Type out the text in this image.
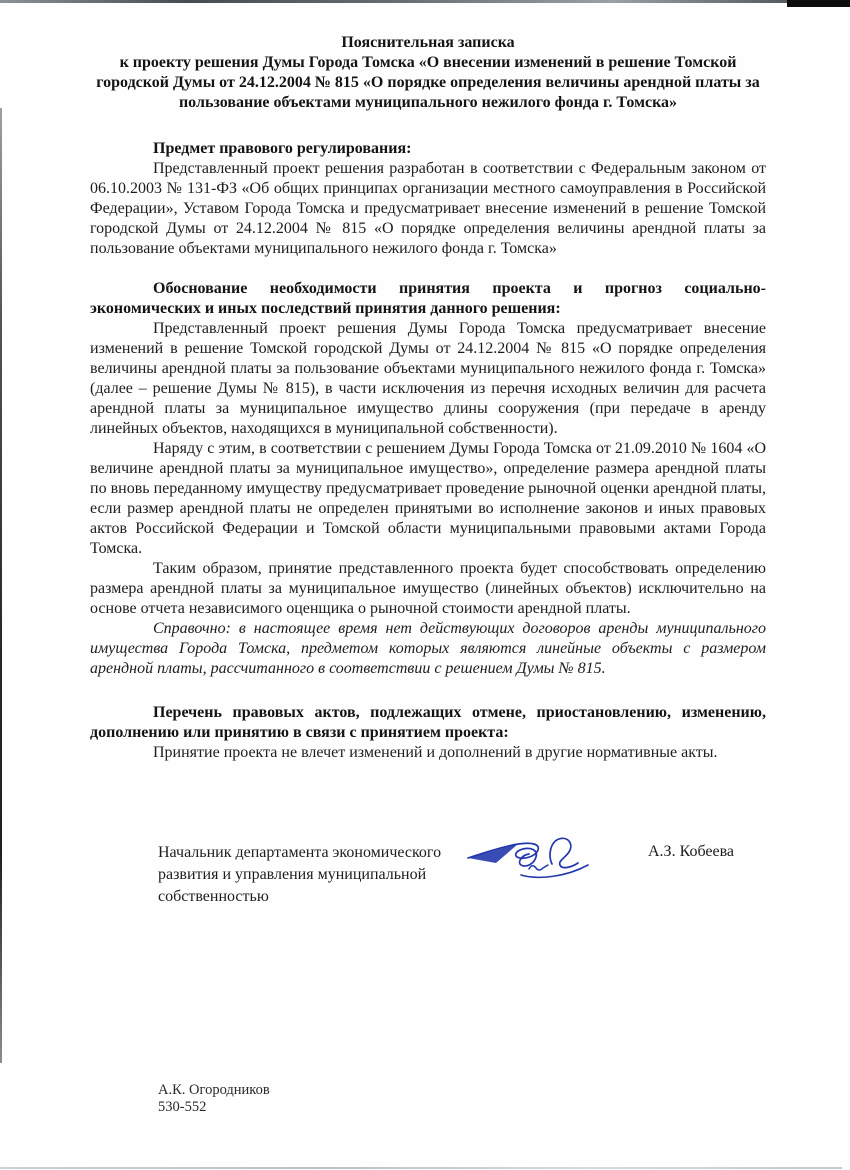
Пояснительная записка

к проекту решения Думы Города Томска «О внесении изменений в решение Томской городской Думы от 24.12.2004 № 815 «О порядке определения величины арендной платы за пользование объектами муниципального нежилого фонда г. Томска»

Предмет правового регулирования:

Представленный проект решения разработан в соответствии с Федеральным законом от 06.10.2003 № 131-ФЗ «Об общих принципах организации местного самоуправления в Российской Федерации», Уставом Города Томска и предусматривает внесение изменений в решение Томской городской Думы от 24.12.2004 № 815 «О порядке определения величины арендной платы за пользование объектами муниципального нежилого фонда г. Томска»

Обоснование необходимости принятия проекта и прогноз социально-экономических и иных последствий принятия данного решения:

Представленный проект решения Думы Города Томска предусматривает внесение изменений в решение Томской городской Думы от 24.12.2004 № 815 «О порядке определения величины арендной платы за пользование объектами муниципального нежилого фонда г. Томска» (далее – решение Думы № 815), в части исключения из перечня исходных величин для расчета арендной платы за муниципальное имущество длины сооружения (при передаче в аренду линейных объектов, находящихся в муниципальной собственности).

Наряду с этим, в соответствии с решением Думы Города Томска от 21.09.2010 № 1604 «О величине арендной платы за муниципальное имущество», определение размера арендной платы по вновь переданному имуществу предусматривает проведение рыночной оценки арендной платы, если размер арендной платы не определен принятыми во исполнение законов и иных правовых актов Российской Федерации и Томской области муниципальными правовыми актами Города Томска.

Таким образом, принятие представленного проекта будет способствовать определению размера арендной платы за муниципальное имущество (линейных объектов) исключительно на основе отчета независимого оценщика о рыночной стоимости арендной платы.

Справочно: в настоящее время нет действующих договоров аренды муниципального имущества Города Томска, предметом которых являются линейные объекты с размером арендной платы, рассчитанного в соответствии с решением Думы № 815.

Перечень правовых актов, подлежащих отмене, приостановлению, изменению, дополнению или принятию в связи с принятием проекта:

Принятие проекта не влечет изменений и дополнений в другие нормативные акты.

Начальник департамента экономического развития и управления муниципальной собственностью
А.З. Кобеева

А.К. Огородников

530-552
